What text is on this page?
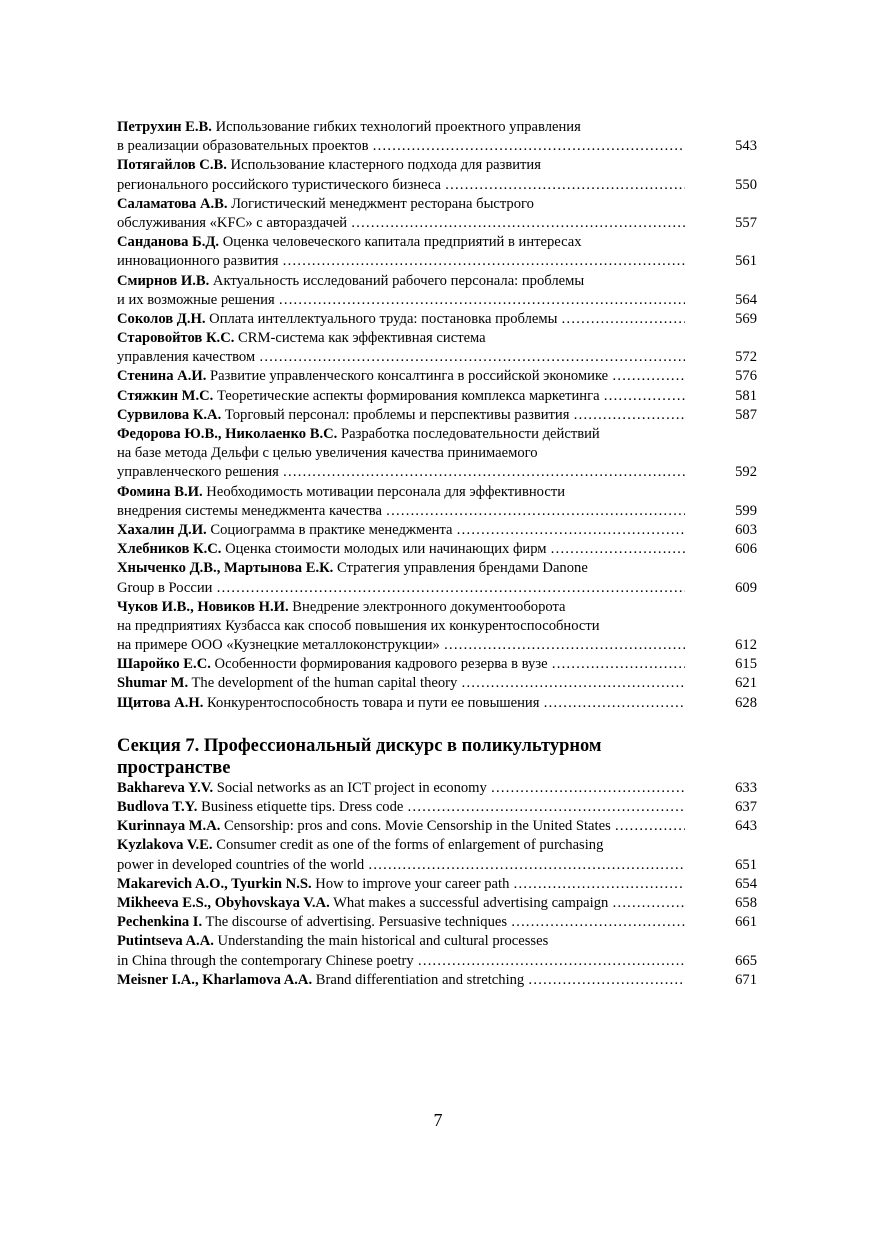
Петрухин Е.В. Использование гибких технологий проектного управления
в реализации образовательных проектов	543
……………………………………………………………………………………………………………………………
Потягайлов С.В. Использование кластерного подхода для развития
регионального российского туристического бизнеса	550
……………………………………………………………………………………………………………………………
Саламатова А.В. Логистический менеджмент ресторана быстрого
обслуживания «KFC» с автораздачей	557
……………………………………………………………………………………………………………………………
Санданова Б.Д. Оценка человеческого капитала предприятий в интересах
инновационного развития	561
……………………………………………………………………………………………………………………………
Смирнов И.В. Актуальность исследований рабочего персонала: проблемы
и их возможные решения	564
……………………………………………………………………………………………………………………………
Соколов Д.Н. Оплата интеллектуального труда: постановка проблемы	569
……………………………………………………………………………………………………………………………
Старовойтов К.С. CRM-система как эффективная система
управления качеством	572
……………………………………………………………………………………………………………………………
Стенина А.И. Развитие управленческого консалтинга в российской экономике	576
……………………………………………………………………………………………………………………………
Стяжкин М.С. Теоретические аспекты формирования комплекса маркетинга	581
……………………………………………………………………………………………………………………………
Сурвилова К.А. Торговый персонал: проблемы и перспективы развития	587
……………………………………………………………………………………………………………………………
Федорова Ю.В., Николаенко В.С. Разработка последовательности действий
на базе метода Дельфи с целью увеличения качества принимаемого
управленческого решения	592
……………………………………………………………………………………………………………………………
Фомина В.И. Необходимость мотивации персонала для эффективности
внедрения системы менеджмента качества	599
……………………………………………………………………………………………………………………………
Хахалин Д.И. Социограмма в практике менеджмента	603
……………………………………………………………………………………………………………………………
Хлебников К.С. Оценка стоимости молодых или начинающих фирм	606
……………………………………………………………………………………………………………………………
Хныченко Д.В., Мартынова Е.К. Стратегия управления брендами Danone
Group в России	609
……………………………………………………………………………………………………………………………
Чуков И.В., Новиков Н.И. Внедрение электронного документооборота
на предприятиях Кузбасса как способ повышения их конкурентоспособности
на примере ООО «Кузнецкие металлоконструкции»	612
……………………………………………………………………………………………………………………………
Шаройко Е.С. Особенности формирования кадрового резерва в вузе	615
……………………………………………………………………………………………………………………………
Shumar M. The development of the human capital theory	621
……………………………………………………………………………………………………………………………
Щитова А.Н. Конкурентоспособность товара и пути ее повышения	628
……………………………………………………………………………………………………………………………
Секция 7. Профессиональный дискурс в поликультурном пространстве
Bakhareva Y.V. Social networks as an ICT project in economy	633
……………………………………………………………………………………………………………………………
Budlova T.Y. Business etiquette tips. Dress code	637
……………………………………………………………………………………………………………………………
Kurinnaya M.A. Censorship: pros and cons. Movie Censorship in the United States	643
……………………………………………………………………………………………………………………………
Kyzlakova V.E. Consumer credit as one of the forms of enlargement of purchasing
power in developed countries of the world	651
……………………………………………………………………………………………………………………………
Makarevich A.O., Tyurkin N.S. How to improve your career path	654
……………………………………………………………………………………………………………………………
Mikheeva E.S., Obyhovskaya V.A. What makes a successful advertising campaign	658
……………………………………………………………………………………………………………………………
Pechenkina I. The discourse of advertising. Persuasive techniques	661
……………………………………………………………………………………………………………………………
Putintseva A.A. Understanding the main historical and cultural processes
in China through the contemporary Chinese poetry	665
……………………………………………………………………………………………………………………………
Meisner I.A., Kharlamova A.A. Brand differentiation and stretching	671
……………………………………………………………………………………………………………………………
7
